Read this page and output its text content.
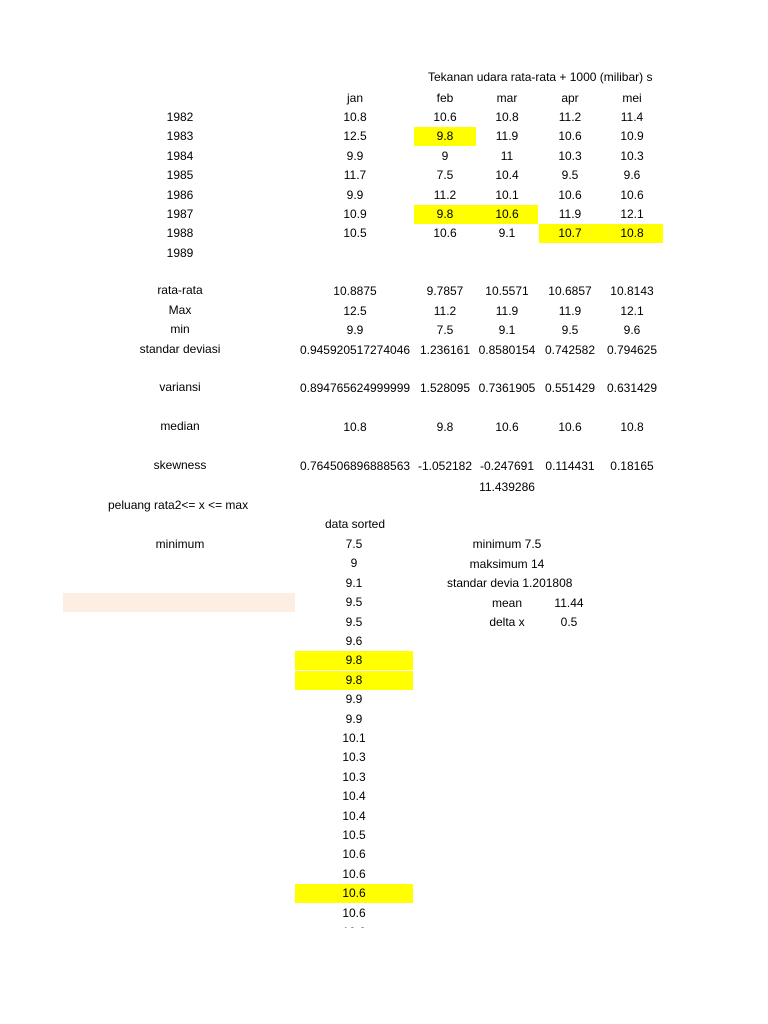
Tekanan udara rata-rata + 1000 (milibar) s
jan	feb	mar	apr	mei
1982	10.8	10.6	10.8	11.2	11.4
1983	12.5	9.8	11.9	10.6	10.9
1984	9.9	9	11	10.3	10.3
1985	11.7	7.5	10.4	9.5	9.6
1986	9.9	11.2	10.1	10.6	10.6
1987	10.9	9.8	10.6	11.9	12.1
1988	10.5	10.6	9.1	10.7	10.8
1989
rata-rata	10.8875	9.7857	10.5571	10.6857	10.8143
Max	12.5	11.2	11.9	11.9	12.1
min	9.9	7.5	9.1	9.5	9.6
standar deviasi	0.945920517274046 1.236161 0.8580154 0.742582 0.794625
variansi	0.894765624999999 1.528095 0.7361905 0.551429 0.631429
median	10.8	9.8	10.6	10.6	10.8
skewness	0.764506896888563 -1.052182 -0.247691 0.114431	0.18165
11.439286
peluang rata2<= x <= max
data sorted
minimum	7.5
9
9.1
9.5
9.5
9.6
9.8
9.8
9.9
9.9
10.1
10.3
10.3
10.4
10.4
10.5
10.6
10.6
10.6
10.6
minimum 7.5
maksimum 14
standar devia 1.201808
mean	11.44
delta x	0.5
